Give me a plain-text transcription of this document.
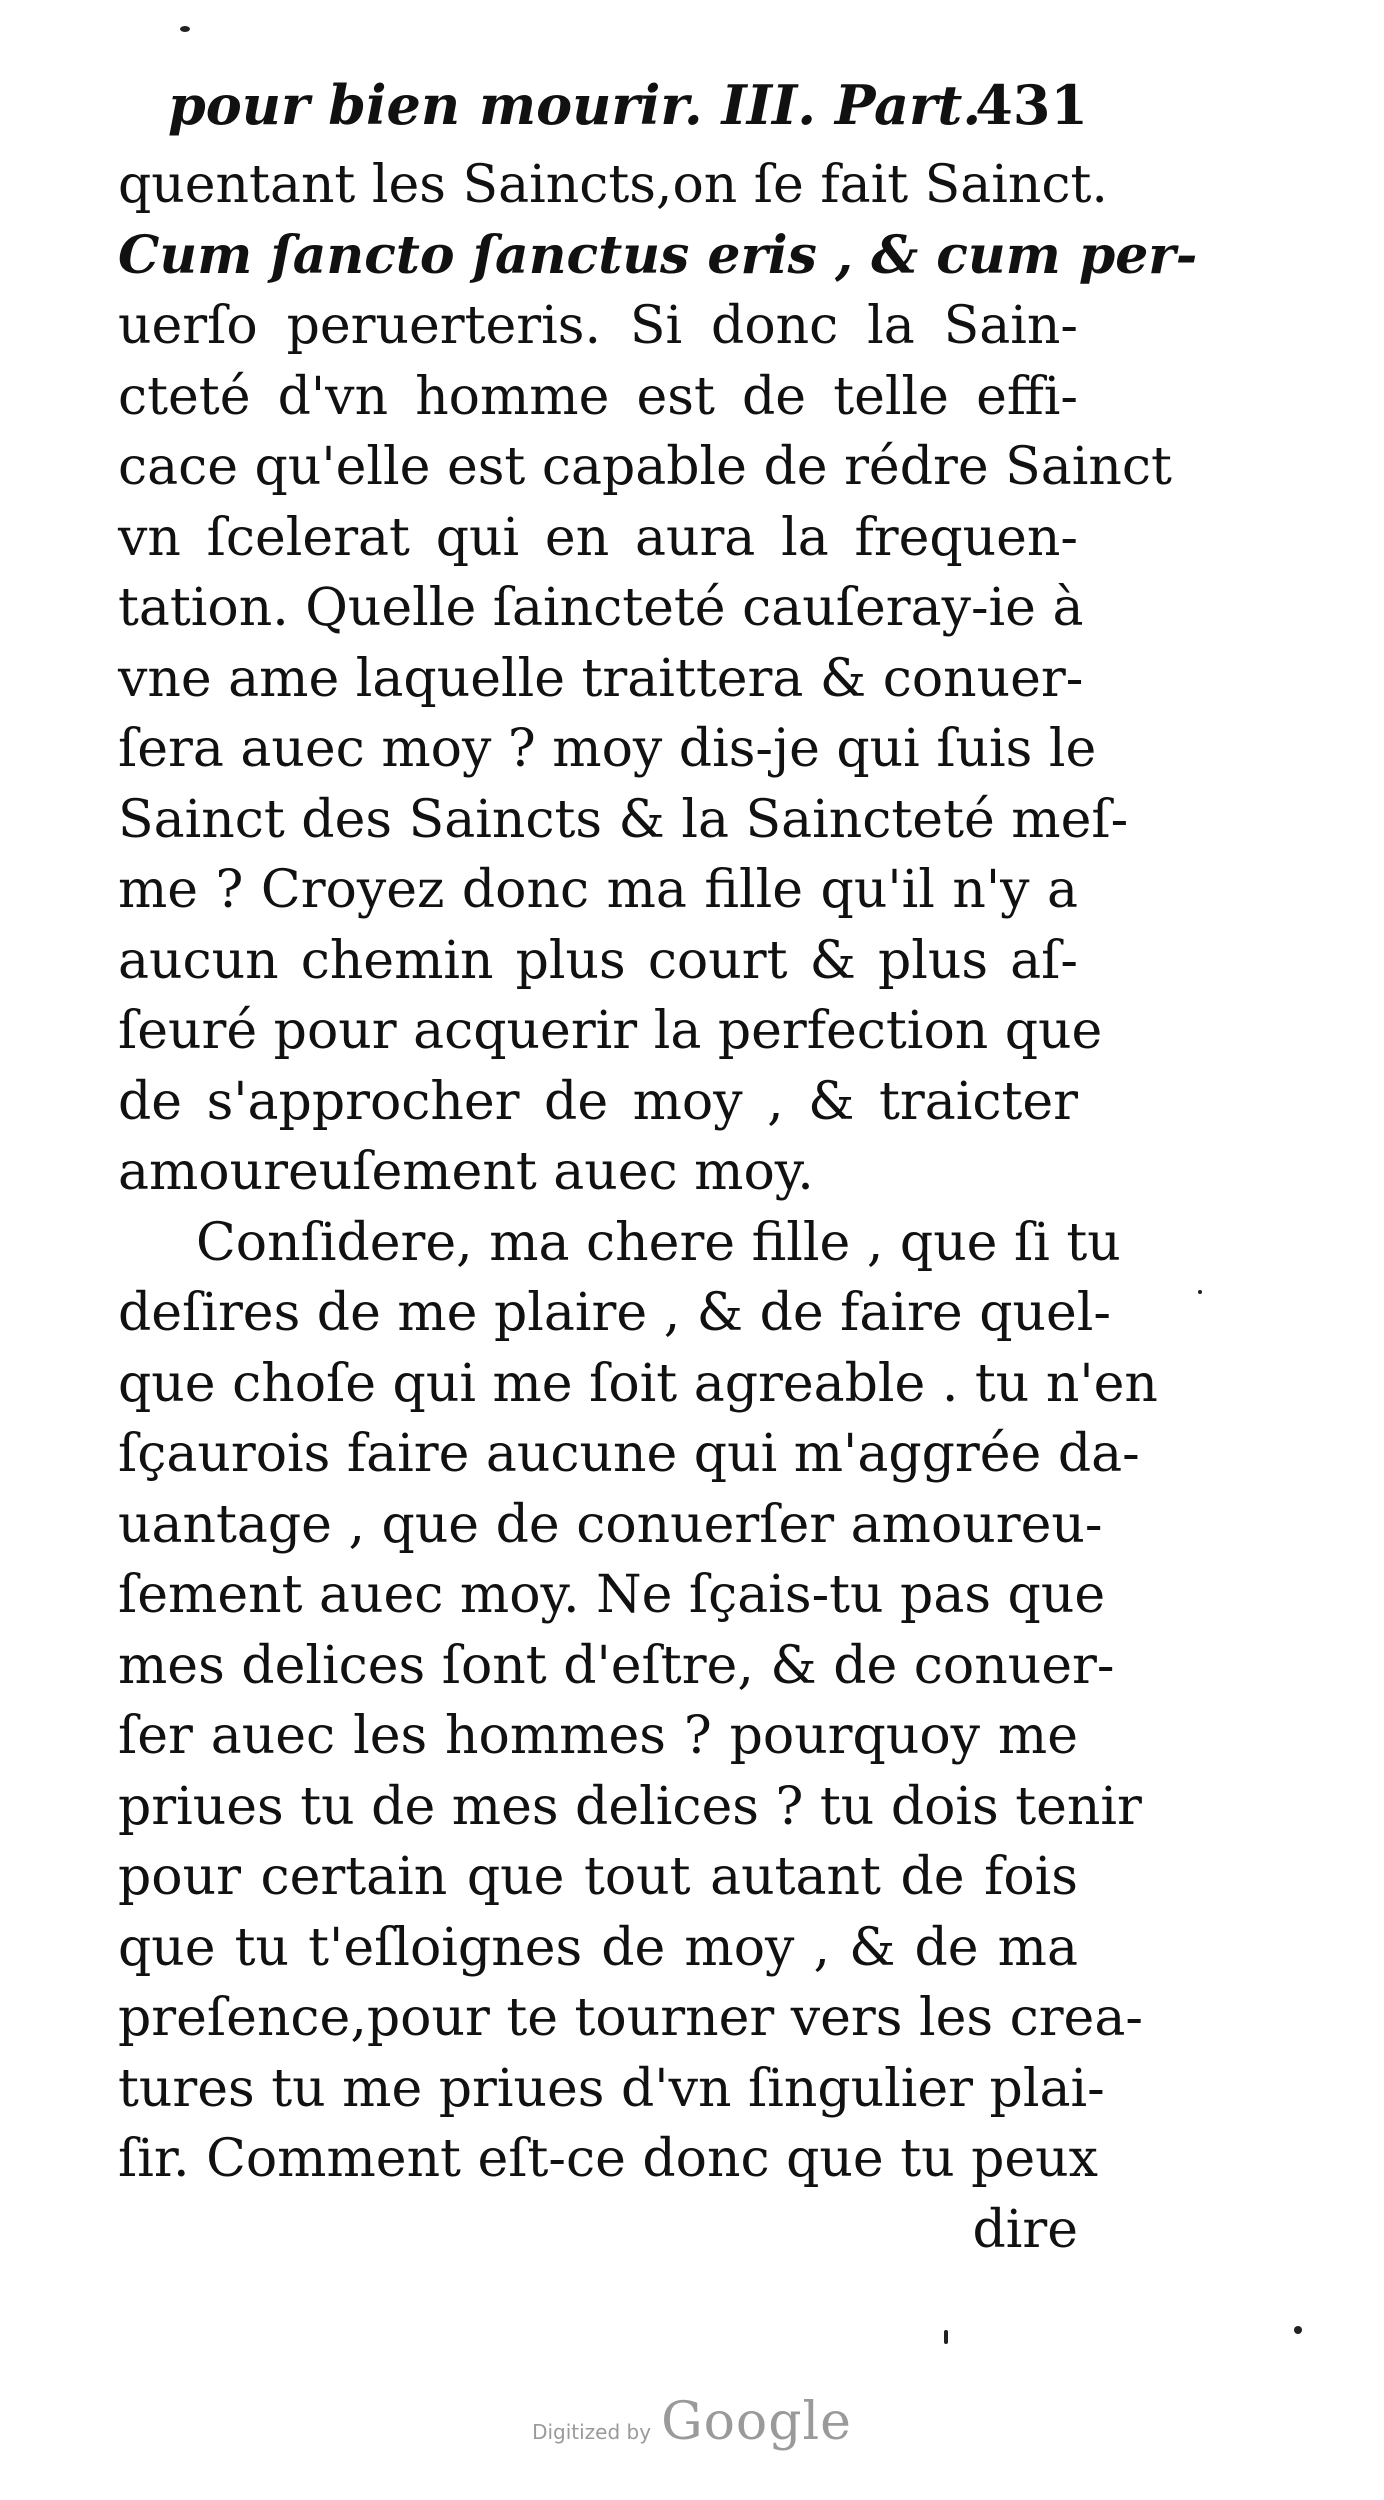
pour bien mourir. III. Part.
431
quentant les Saincts,on ſe fait Sainct.
Cum ſancto ſanctus eris , & cum per-
uerſo peruerteris. Si donc la Sain-
cteté d'vn homme est de telle effi-
cace qu'elle est capable de rédre Sainct
vn ſcelerat qui en aura la frequen-
tation. Quelle ſaincteté cauſeray-ie à
vne ame laquelle traittera & conuer-
ſera auec moy ? moy dis-je qui ſuis le
Sainct des Saincts & la Saincteté meſ-
me ? Croyez donc ma fille qu'il n'y a
aucun chemin plus court & plus aſ-
ſeuré pour acquerir la perfection que
de s'approcher de moy , & traicter
amoureuſement auec moy.
Conſidere, ma chere fille , que ſi tu
deſires de me plaire , & de faire quel-
que choſe qui me ſoit agreable . tu n'en
ſçaurois faire aucune qui m'aggrée da-
uantage , que de conuerſer amoureu-
ſement auec moy. Ne ſçais-tu pas que
mes delices ſont d'eſtre, & de conuer-
ſer auec les hommes ? pourquoy me
priues tu de mes delices ? tu dois tenir
pour certain que tout autant de fois
que tu t'eſloignes de moy , & de ma
preſence,pour te tourner vers les crea-
tures tu me priues d'vn ſingulier plai-
ſir. Comment eſt-ce donc que tu peux
dire
Digitized by Google
